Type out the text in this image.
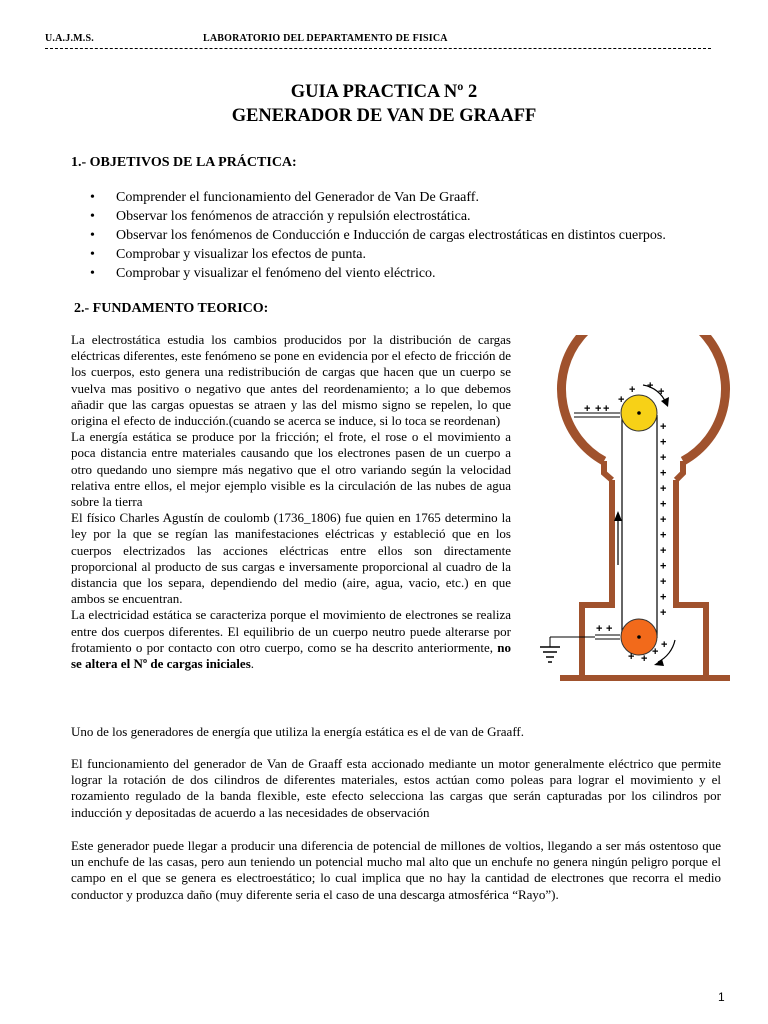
U.A.J.M.S.	LABORATORIO DEL DEPARTAMENTO DE FISICA
GUIA PRACTICA Nº 2
GENERADOR DE VAN DE GRAAFF
1.- OBJETIVOS DE LA PRÁCTICA:
• Comprender el funcionamiento del Generador de Van De Graaff.
• Observar los fenómenos de atracción y repulsión electrostática.
• Observar los fenómenos de Conducción e Inducción de cargas electrostáticas en distintos cuerpos.
• Comprobar y visualizar los efectos de punta.
• Comprobar y visualizar el fenómeno del viento eléctrico.
2.- FUNDAMENTO TEORICO:

La electrostática estudia los cambios producidos por la distribución de cargas eléctricas diferentes, este fenómeno se pone en evidencia por el efecto de fricción de los cuerpos, esto genera una redistribución de cargas que hacen que un cuerpo se vuelva mas positivo o negativo que antes del reordenamiento; a lo que debemos añadir que las cargas opuestas se atraen y las del mismo signo se repelen, lo que origina el efecto de inducción.(cuando se acerca se induce, si lo toca se reordenan)

La energía estática se produce por la fricción; el frote, el rose o el movimiento a poca distancia entre materiales causando que los electrones pasen de un cuerpo a otro quedando uno siempre más negativo que el otro variando según la velocidad relativa entre ellos, el mejor ejemplo visible es la circulación de las nubes de agua sobre la tierra

El físico Charles Agustín de coulomb (1736_1806) fue quien en 1765 determino la ley por la que se regían las manifestaciones eléctricas y estableció que en los cuerpos electrizados las acciones eléctricas entre ellos son directamente proporcional al producto de sus cargas e inversamente proporcional al cuadro de la distancia que los separa, dependiendo del medio (aire, agua, vacio, etc.) en que ambos se encuentran.

La electricidad estática se caracteriza porque el movimiento de electrones se realiza entre dos cuerpos diferentes. El equilibrio de un cuerpo neutro puede alterarse por frotamiento o por contacto con otro cuerpo, como se ha descrito anteriormente, no se altera el Nº de cargas iniciales.

+ + +
+
+ + +
+
+
+
+
+
+
+
+
+
+
+
+
+
+ +
+ +
+
+

Uno de los generadores de energía que utiliza la energía estática es el de van de Graaff.

El funcionamiento del generador de Van de Graaff esta accionado mediante un motor generalmente eléctrico que permite lograr la rotación de dos cilindros de diferentes materiales, estos actúan como poleas para lograr el movimiento y el rozamiento regulado de la banda flexible, este efecto selecciona las cargas que serán capturadas por los cilindros por inducción y depositadas de acuerdo a las necesidades de observación

Este generador puede llegar a producir una diferencia de potencial de millones de voltios, llegando a ser más ostentoso que un enchufe de las casas, pero aun teniendo un potencial mucho mal alto que un enchufe no genera ningún peligro porque el campo en el que se genera es electroestático; lo cual implica que no hay la cantidad de electrones que recorra el medio conductor y produzca daño (muy diferente seria el caso de una descarga atmosférica “Rayo”).

1
